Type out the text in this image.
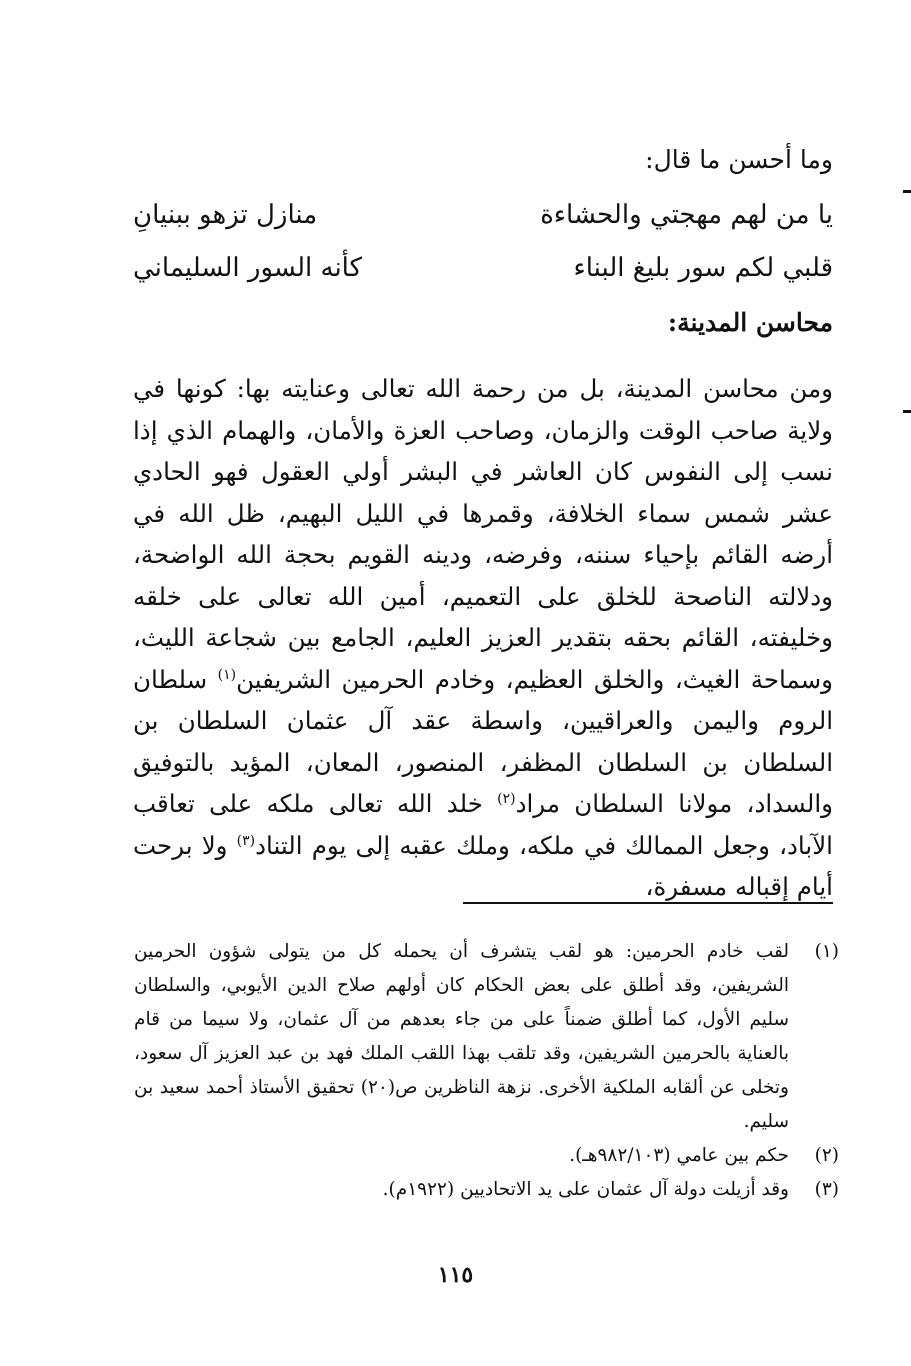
وما أحسن ما قال:
يا من لهم مهجتي والحشاءة
منازل تزهو ببنيانِ
قلبي لكم سور بليغ البناء
كأنه السور السليماني
محاسن المدينة:
ومن محاسن المدينة، بل من رحمة الله تعالى وعنايته بها: كونها في ولاية صاحب الوقت والزمان، وصاحب العزة والأمان، والهمام الذي إذا نسب إلى النفوس كان العاشر في البشر أولي العقول فهو الحادي عشر شمس سماء الخلافة، وقمرها في الليل البهيم، ظل الله في أرضه القائم بإحياء سننه، وفرضه، ودينه القويم بحجة الله الواضحة، ودلالته الناصحة للخلق على التعميم، أمين الله تعالى على خلقه وخليفته، القائم بحقه بتقدير العزيز العليم، الجامع بين شجاعة الليث، وسماحة الغيث، والخلق العظيم، وخادم الحرمين الشريفين$^{(١)}$ سلطان الروم واليمن والعراقيين، واسطة عقد آل عثمان السلطان بن السلطان بن السلطان المظفر، المنصور، المعان، المؤيد بالتوفيق والسداد، مولانا السلطان مراد$^{(٢)}$ خلد الله تعالى ملكه على تعاقب الآباد، وجعل الممالك في ملكه، وملك عقبه إلى يوم التناد$^{(٣)}$ ولا برحت أيام إقباله مسفرة،
(١)
لقب خادم الحرمين: هو لقب يتشرف أن يحمله كل من يتولى شؤون الحرمين الشريفين، وقد أطلق على بعض الحكام كان أولهم صلاح الدين الأيوبي، والسلطان سليم الأول، كما أطلق ضمناً على من جاء بعدهم من آل عثمان، ولا سيما من قام بالعناية بالحرمين الشريفين، وقد تلقب بهذا اللقب الملك فهد بن عبد العزيز آل سعود، وتخلى عن ألقابه الملكية الأخرى. نزهة الناظرين ص(٢٠) تحقيق الأستاذ أحمد سعيد بن سليم.
(٢)
حكم بين عامي (٩٨٢/١٠٣هـ).
(٣)
وقد أزيلت دولة آل عثمان على يد الاتحاديين (١٩٢٢م).
١١٥
